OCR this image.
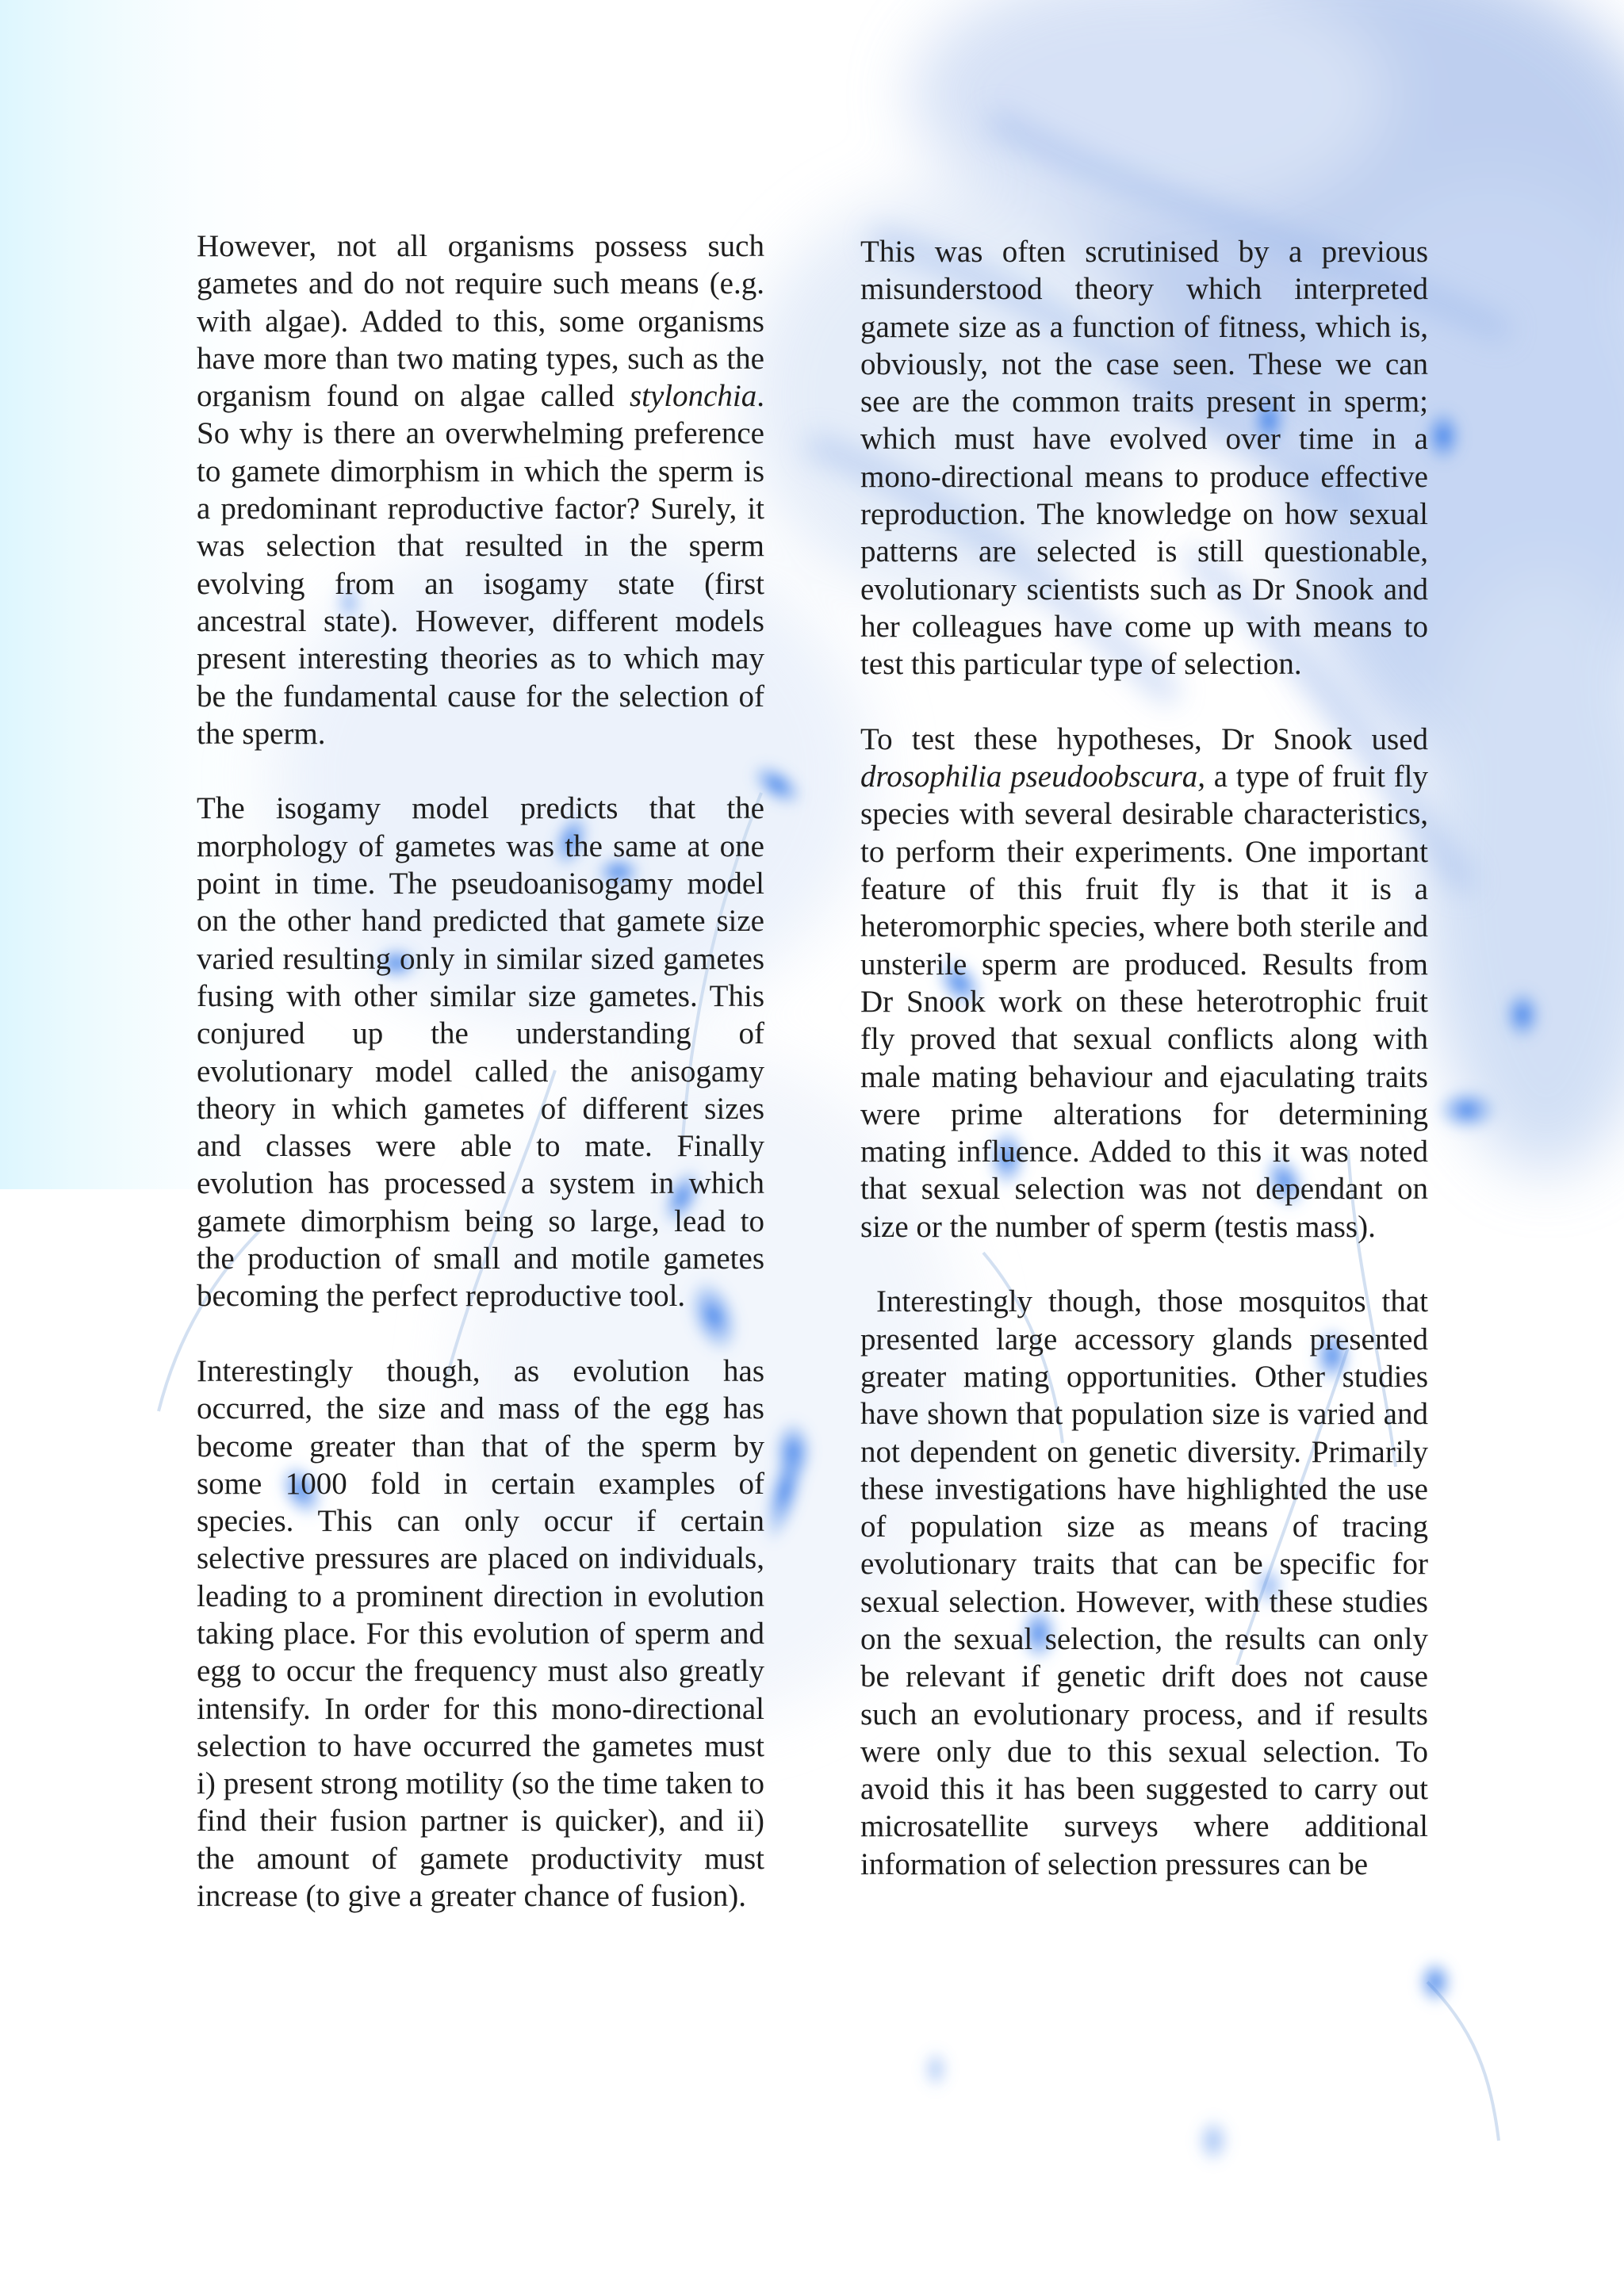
However, not all organisms possess such gametes and do not require such means (e.g. with algae). Added to this, some organisms have more than two mating types, such as the organism found on algae called stylonchia. So why is there an overwhelming preference to gamete dimorphism in which the sperm is a predominant reproductive factor? Surely, it was selection that resulted in the sperm evolving from an isogamy state (first ancestral state). However, different models present interesting theories as to which may be the fundamental cause for the selection of the sperm.

The isogamy model predicts that the morphology of gametes was the same at one point in time. The pseudoanisogamy model on the other hand predicted that gamete size varied resulting only in similar sized gametes fusing with other similar size gametes. This conjured up the understanding of evolutionary model called the anisogamy theory in which gametes of different sizes and classes were able to mate. Finally evolution has processed a system in which gamete dimorphism being so large, lead to the production of small and motile gametes becoming the perfect reproductive tool.

Interestingly though, as evolution has occurred, the size and mass of the egg has become greater than that of the sperm by some 1000 fold in certain examples of species. This can only occur if certain selective pressures are placed on individuals, leading to a prominent direction in evolution taking place. For this evolution of sperm and egg to occur the frequency must also greatly intensify. In order for this mono-directional selection to have occurred the gametes must i) present strong motility (so the time taken to find their fusion partner is quicker), and ii) the amount of gamete productivity must increase (to give a greater chance of fusion).

This was often scrutinised by a previous misunderstood theory which interpreted gamete size as a function of fitness, which is, obviously, not the case seen. These we can see are the common traits present in sperm; which must have evolved over time in a mono-directional means to produce effective reproduction. The knowledge on how sexual patterns are selected is still questionable, evolutionary scientists such as Dr Snook and her colleagues have come up with means to test this particular type of selection.

To test these hypotheses, Dr Snook used drosophilia pseudoobscura, a type of fruit fly species with several desirable characteristics, to perform their experiments. One important feature of this fruit fly is that it is a heteromorphic species, where both sterile and unsterile sperm are produced. Results from Dr Snook work on these heterotrophic fruit fly proved that sexual conflicts along with male mating behaviour and ejaculating traits were prime alterations for determining mating influence. Added to this it was noted that sexual selection was not dependant on size or the number of sperm (testis mass).

Interestingly though, those mosquitos that presented large accessory glands presented greater mating opportunities. Other studies have shown that population size is varied and not dependent on genetic diversity. Primarily these investigations have highlighted the use of population size as means of tracing evolutionary traits that can be specific for sexual selection. However, with these studies on the sexual selection, the results can only be relevant if genetic drift does not cause such an evolutionary process, and if results were only due to this sexual selection. To avoid this it has been suggested to carry out microsatellite surveys where additional information of selection pressures can be
